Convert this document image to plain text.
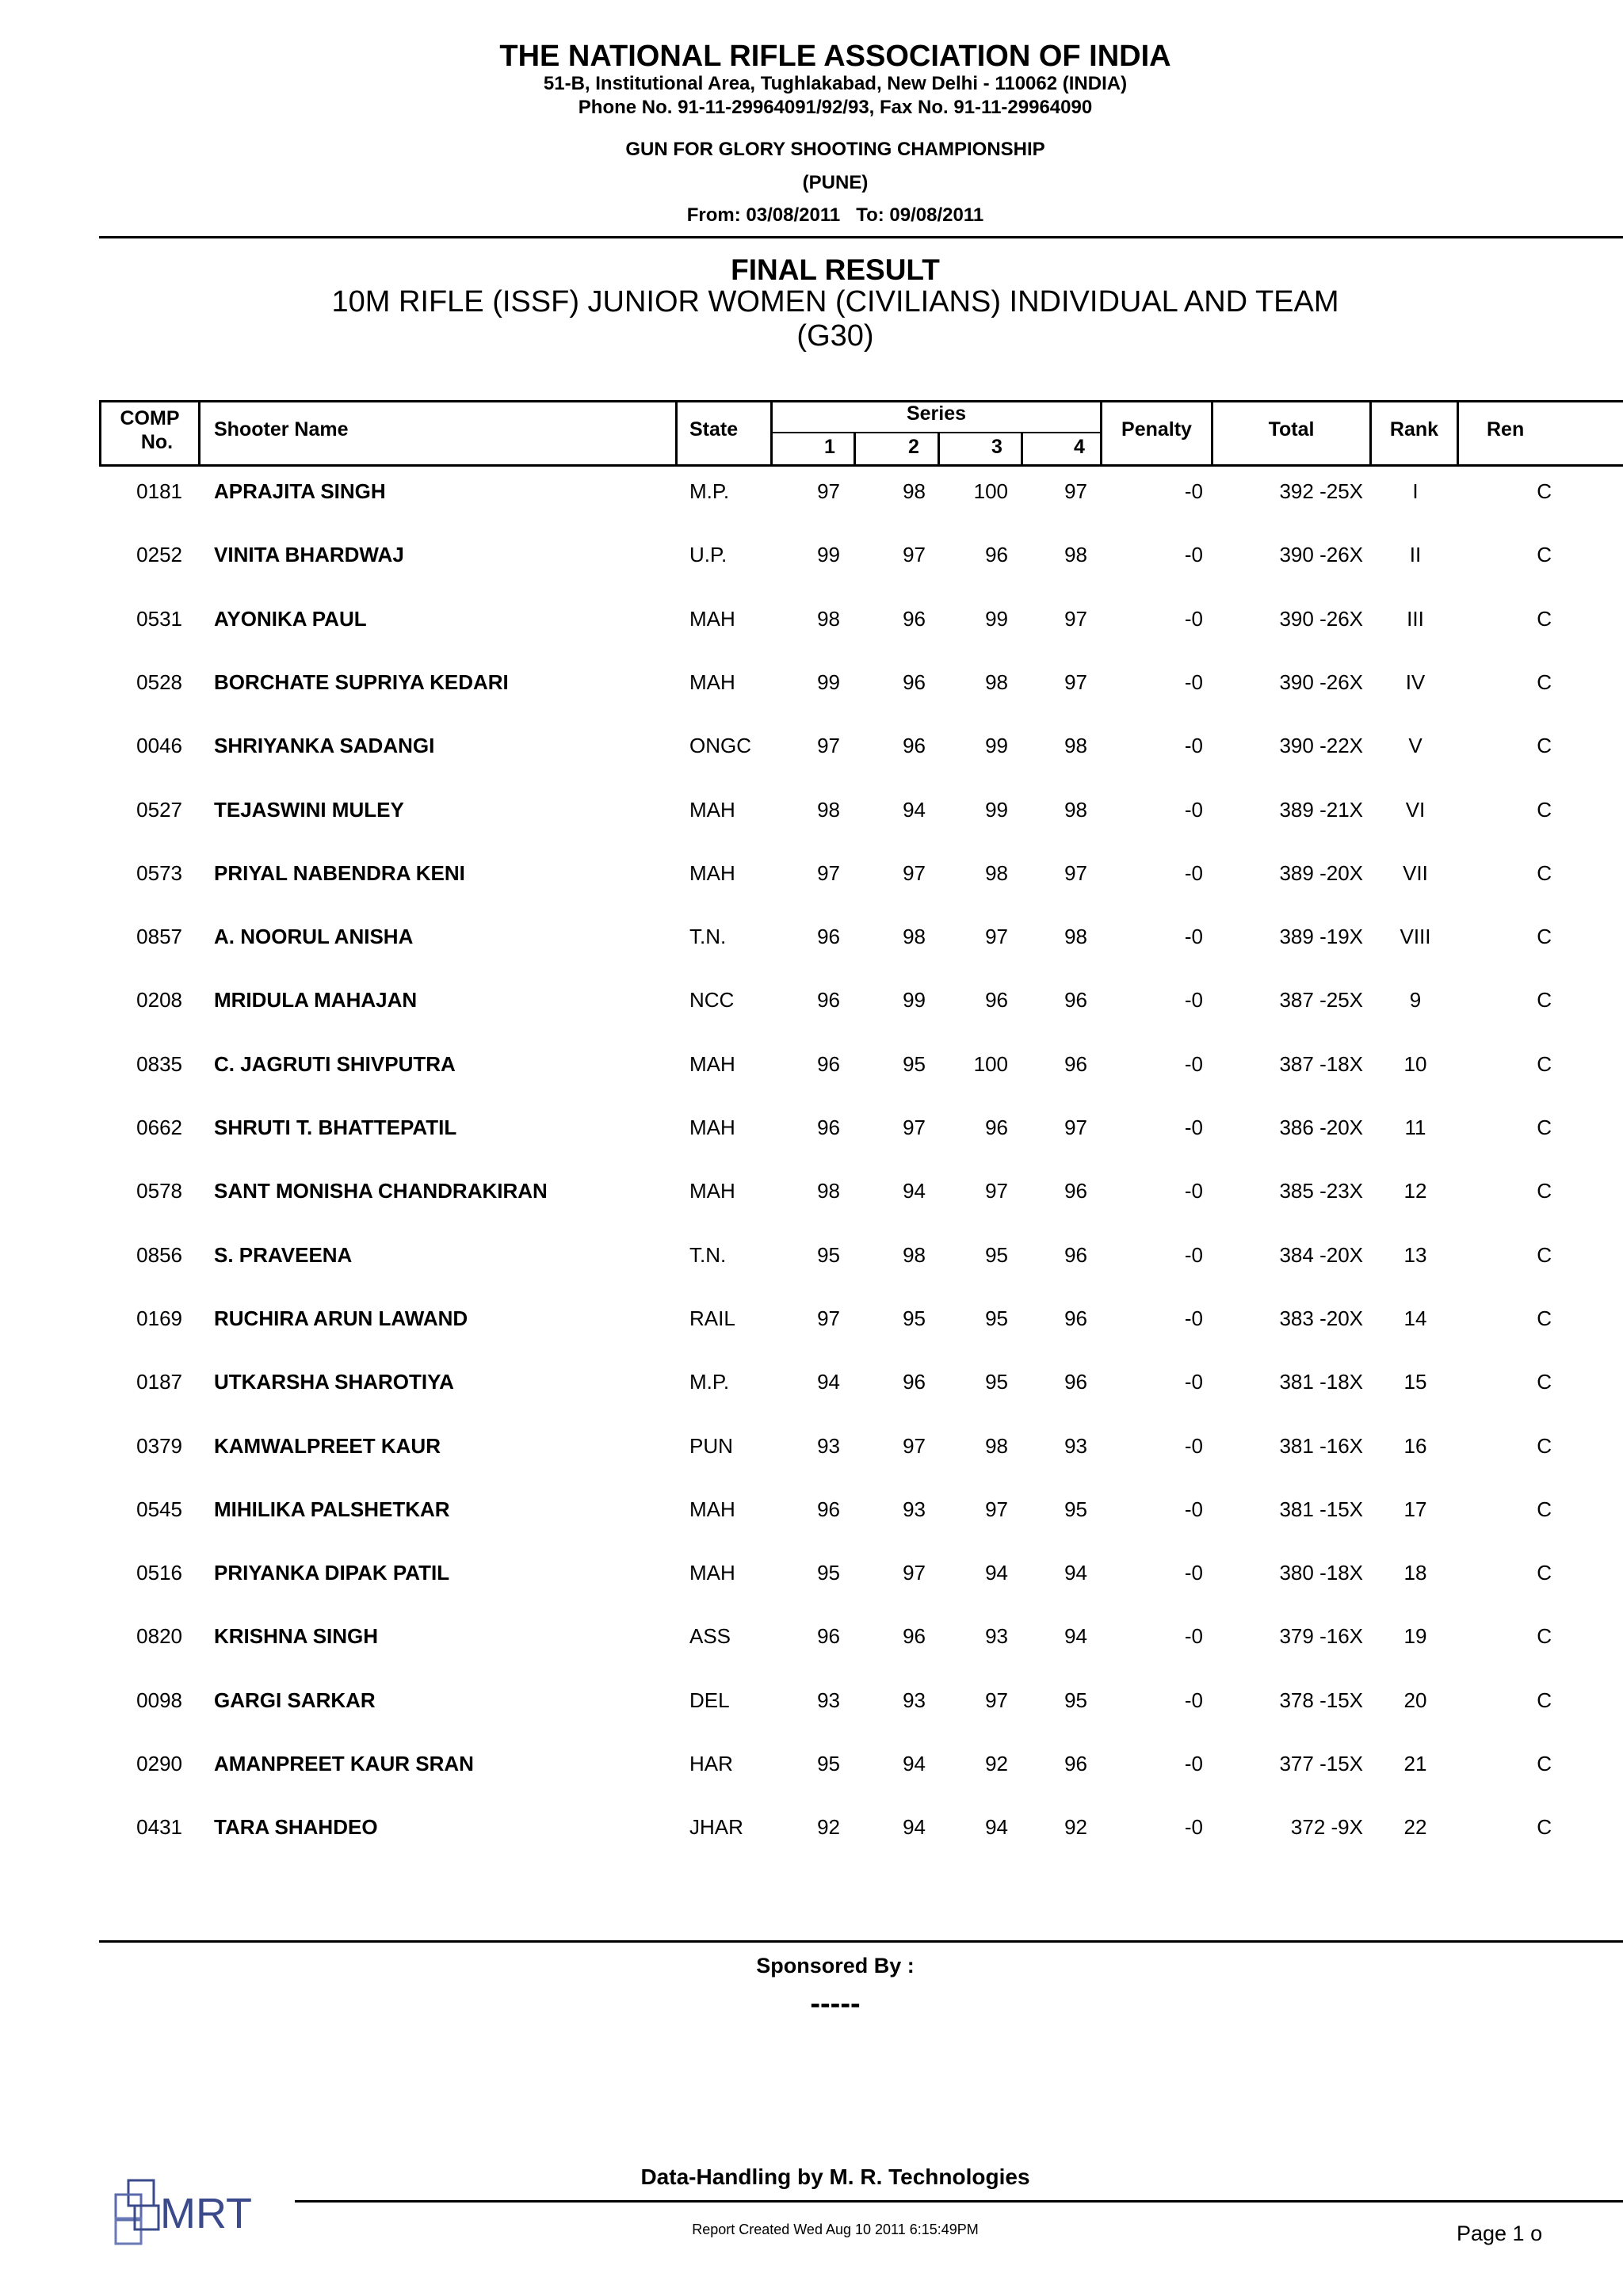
THE NATIONAL RIFLE ASSOCIATION OF INDIA
51-B, Institutional Area, Tughlakabad, New Delhi - 110062 (INDIA)
Phone No. 91-11-29964091/92/93, Fax No. 91-11-29964090
GUN FOR GLORY SHOOTING CHAMPIONSHIP
(PUNE)
From: 03/08/2011 To: 09/08/2011
FINAL RESULT
10M RIFLE (ISSF) JUNIOR WOMEN (CIVILIANS) INDIVIDUAL AND TEAM
(G30)
COMP
No.
Shooter Name	State
Series
1	2	3	4
Penalty	Total	Rank	Ren
0181 APRAJITA SINGH	M.P.	97	98	100	97	-0	392 -25X	I	C
0252 VINITA BHARDWAJ	U.P.	99	97	96	98	-0	390 -26X	II	C
0531 AYONIKA PAUL	MAH	98	96	99	97	-0	390 -26X	III	C
0528 BORCHATE SUPRIYA KEDARI	MAH	99	96	98	97	-0	390 -26X	IV	C
0046 SHRIYANKA SADANGI	ONGC	97	96	99	98	-0	390 -22X	V	C
0527 TEJASWINI MULEY	MAH	98	94	99	98	-0	389 -21X	VI	C
0573 PRIYAL NABENDRA KENI	MAH	97	97	98	97	-0	389 -20X	VII	C
0857 A. NOORUL ANISHA	T.N.	96	98	97	98	-0	389 -19X	VIII	C
0208 MRIDULA MAHAJAN	NCC	96	99	96	96	-0	387 -25X	9	C
0835 C. JAGRUTI SHIVPUTRA	MAH	96	95	100	96	-0	387 -18X	10	C
0662 SHRUTI T. BHATTEPATIL	MAH	96	97	96	97	-0	386 -20X	11	C
0578 SANT MONISHA CHANDRAKIRAN	MAH	98	94	97	96	-0	385 -23X	12	C
0856 S. PRAVEENA	T.N.	95	98	95	96	-0	384 -20X	13	C
0169 RUCHIRA ARUN LAWAND	RAIL	97	95	95	96	-0	383 -20X	14	C
0187 UTKARSHA SHAROTIYA	M.P.	94	96	95	96	-0	381 -18X	15	C
0379 KAMWALPREET KAUR	PUN	93	97	98	93	-0	381 -16X	16	C
0545 MIHILIKA PALSHETKAR	MAH	96	93	97	95	-0	381 -15X	17	C
0516 PRIYANKA DIPAK PATIL	MAH	95	97	94	94	-0	380 -18X	18	C
0820 KRISHNA SINGH	ASS	96	96	93	94	-0	379 -16X	19	C
0098 GARGI SARKAR	DEL	93	93	97	95	-0	378 -15X	20	C
0290 AMANPREET KAUR SRAN	HAR	95	94	92	96	-0	377 -15X	21	C
0431 TARA SHAHDEO	JHAR	92	94	94	92	-0	372 -9X	22	C
Sponsored By :
-----
MRT
Data-Handling by M. R. Technologies
Report Created Wed Aug 10 2011 6:15:49PM	Page 1 o
